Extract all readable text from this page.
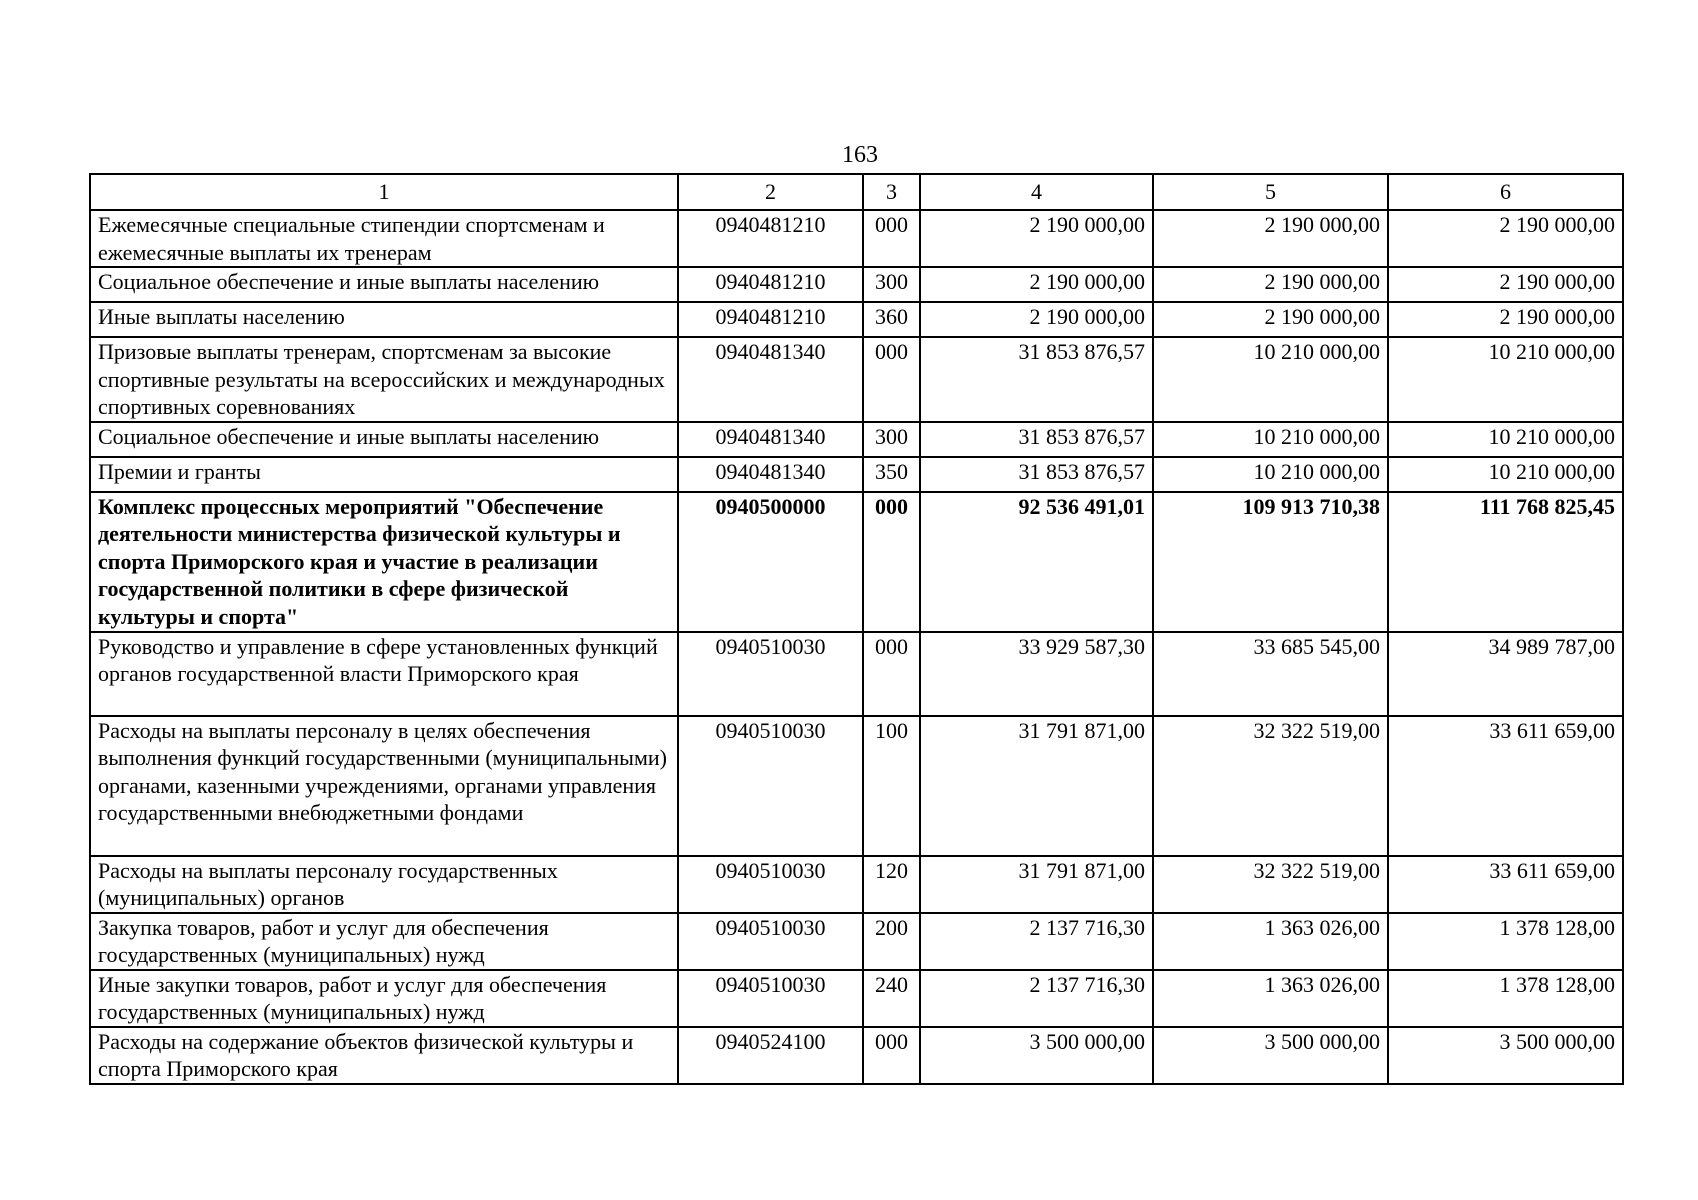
163
1	2	3	4	5	6
Ежемесячные специальные стипендии спортсменам и ежемесячные выплаты их тренерам	0940481210	000	2 190 000,00	2 190 000,00	2 190 000,00
Социальное обеспечение и иные выплаты населению	0940481210	300	2 190 000,00	2 190 000,00	2 190 000,00
Иные выплаты населению	0940481210	360	2 190 000,00	2 190 000,00	2 190 000,00
Призовые выплаты тренерам, спортсменам за высокие спортивные результаты на всероссийских и международных спортивных соревнованиях	0940481340	000	31 853 876,57	10 210 000,00	10 210 000,00
Социальное обеспечение и иные выплаты населению	0940481340	300	31 853 876,57	10 210 000,00	10 210 000,00
Премии и гранты	0940481340	350	31 853 876,57	10 210 000,00	10 210 000,00
Комплекс процессных мероприятий "Обеспечение деятельности министерства физической культуры и спорта Приморского края и участие в реализации государственной политики в сфере физической культуры и спорта"	0940500000	000	92 536 491,01	109 913 710,38	111 768 825,45
Руководство и управление в сфере установленных функций органов государственной власти Приморского края	0940510030	000	33 929 587,30	33 685 545,00	34 989 787,00
Расходы на выплаты персоналу в целях обеспечения выполнения функций государственными (муниципальными) органами, казенными учреждениями, органами управления государственными внебюджетными фондами	0940510030	100	31 791 871,00	32 322 519,00	33 611 659,00
Расходы на выплаты персоналу государственных (муниципальных) органов	0940510030	120	31 791 871,00	32 322 519,00	33 611 659,00
Закупка товаров, работ и услуг для обеспечения государственных (муниципальных) нужд	0940510030	200	2 137 716,30	1 363 026,00	1 378 128,00
Иные закупки товаров, работ и услуг для обеспечения государственных (муниципальных) нужд	0940510030	240	2 137 716,30	1 363 026,00	1 378 128,00
Расходы на содержание объектов физической культуры и спорта Приморского края	0940524100	000	3 500 000,00	3 500 000,00	3 500 000,00
